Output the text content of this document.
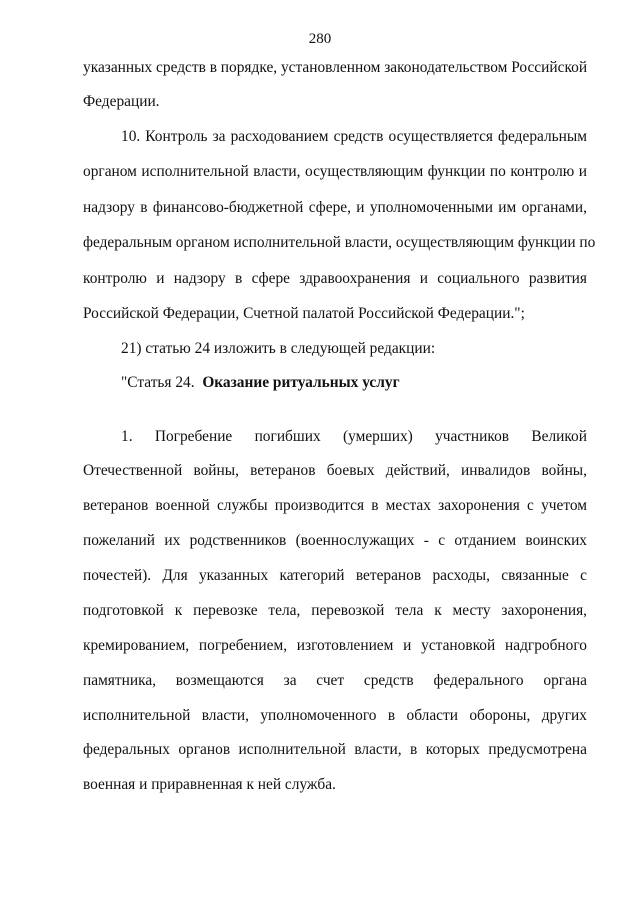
280
указанных средств в порядке, установленном законодательством Российской
Федерации.
10. Контроль за расходованием средств осуществляется федеральным
органом исполнительной власти, осуществляющим функции по контролю и
надзору в финансово-бюджетной сфере, и уполномоченными им органами,
федеральным органом исполнительной власти, осуществляющим функции по
контролю и надзору в сфере здравоохранения и социального развития
Российской Федерации, Счетной палатой Российской Федерации.";
21) статью 24 изложить в следующей редакции:
"Статья 24. Оказание ритуальных услуг
1. Погребение погибших (умерших) участников Великой
Отечественной войны, ветеранов боевых действий, инвалидов войны,
ветеранов военной службы производится в местах захоронения с учетом
пожеланий их родственников (военнослужащих - с отданием воинских
почестей). Для указанных категорий ветеранов расходы, связанные с
подготовкой к перевозке тела, перевозкой тела к месту захоронения,
кремированием, погребением, изготовлением и установкой надгробного
памятника, возмещаются за счет средств федерального органа
исполнительной власти, уполномоченного в области обороны, других
федеральных органов исполнительной власти, в которых предусмотрена
военная и приравненная к ней служба.
